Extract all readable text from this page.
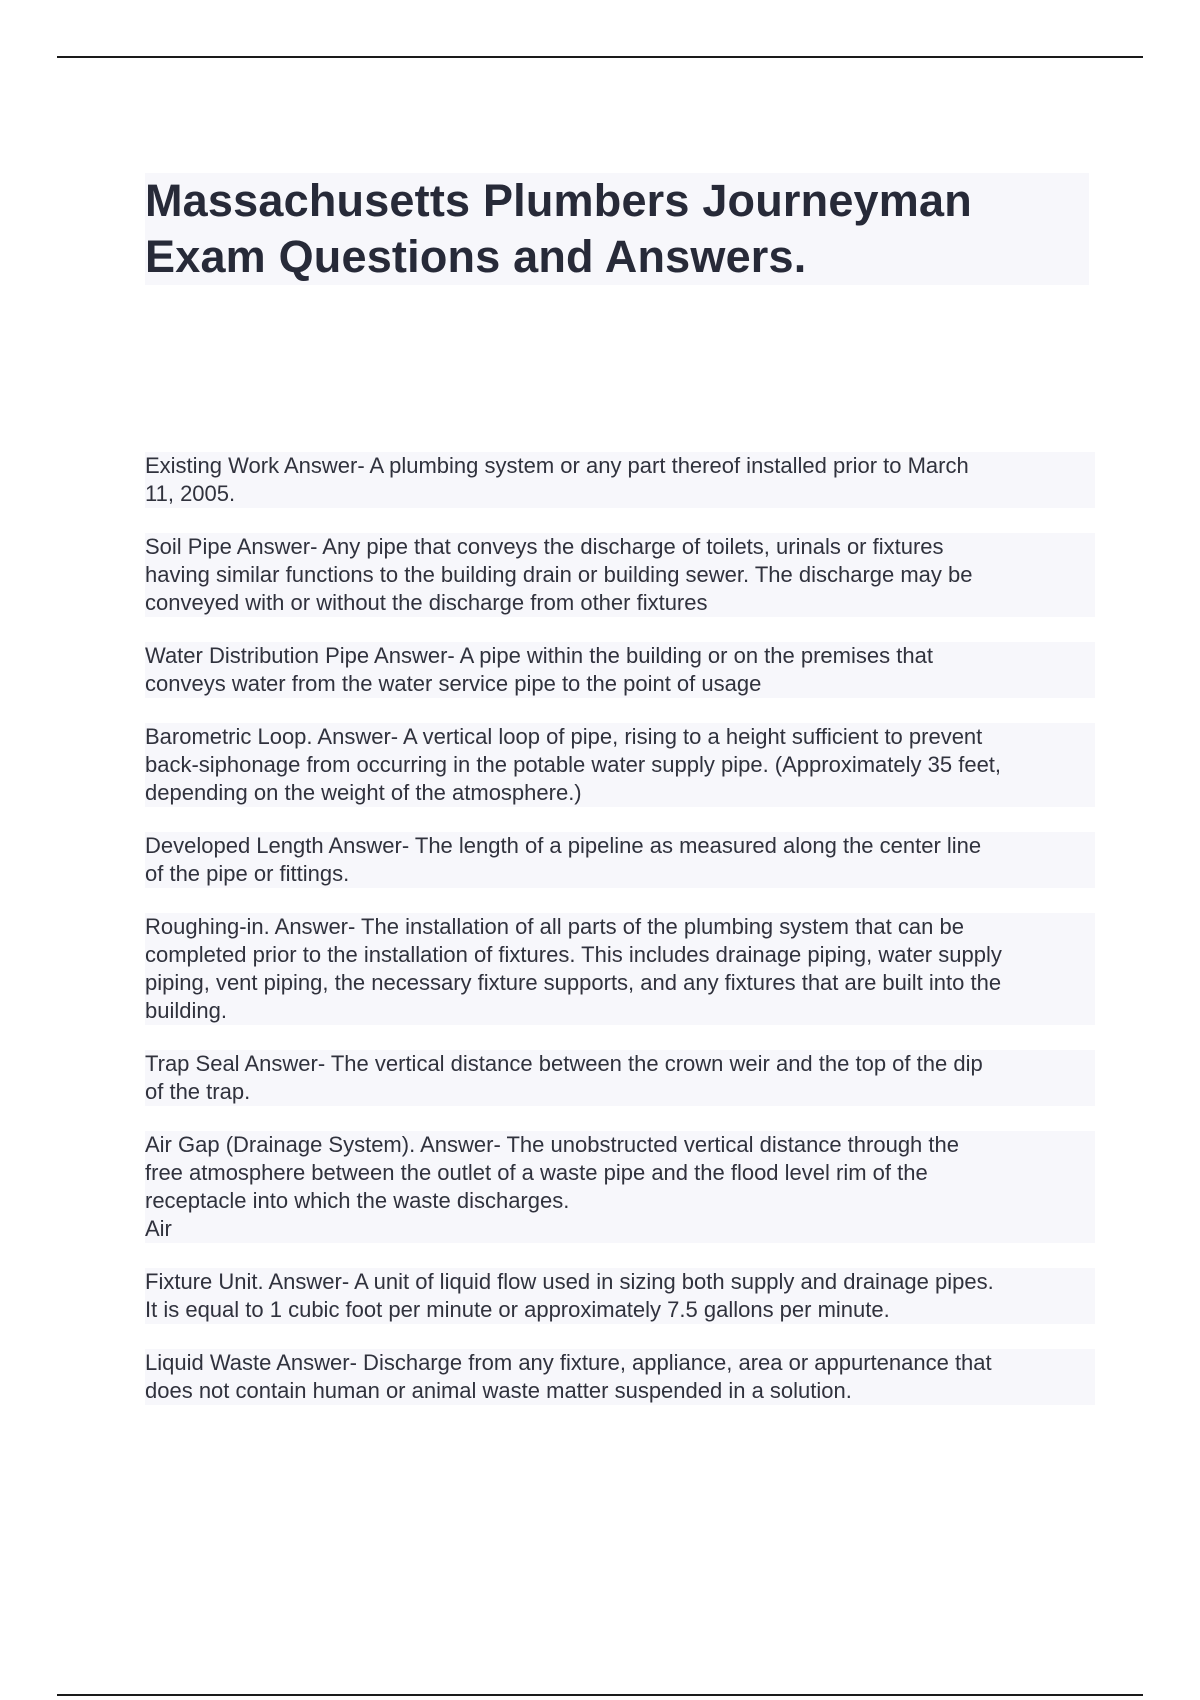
Massachusetts Plumbers Journeyman
Exam Questions and Answers.

Existing Work Answer- A plumbing system or any part thereof installed prior to March
11, 2005.

Soil Pipe Answer- Any pipe that conveys the discharge of toilets, urinals or fixtures
having similar functions to the building drain or building sewer. The discharge may be
conveyed with or without the discharge from other fixtures

Water Distribution Pipe Answer- A pipe within the building or on the premises that
conveys water from the water service pipe to the point of usage

Barometric Loop. Answer- A vertical loop of pipe, rising to a height sufficient to prevent
back-siphonage from occurring in the potable water supply pipe. (Approximately 35 feet,
depending on the weight of the atmosphere.)

Developed Length Answer- The length of a pipeline as measured along the center line
of the pipe or fittings.

Roughing-in. Answer- The installation of all parts of the plumbing system that can be
completed prior to the installation of fixtures. This includes drainage piping, water supply
piping, vent piping, the necessary fixture supports, and any fixtures that are built into the
building.

Trap Seal Answer- The vertical distance between the crown weir and the top of the dip
of the trap.

Air Gap (Drainage System). Answer- The unobstructed vertical distance through the
free atmosphere between the outlet of a waste pipe and the flood level rim of the
receptacle into which the waste discharges.
Air

Fixture Unit. Answer- A unit of liquid flow used in sizing both supply and drainage pipes.
It is equal to 1 cubic foot per minute or approximately 7.5 gallons per minute.

Liquid Waste Answer- Discharge from any fixture, appliance, area or appurtenance that
does not contain human or animal waste matter suspended in a solution.
